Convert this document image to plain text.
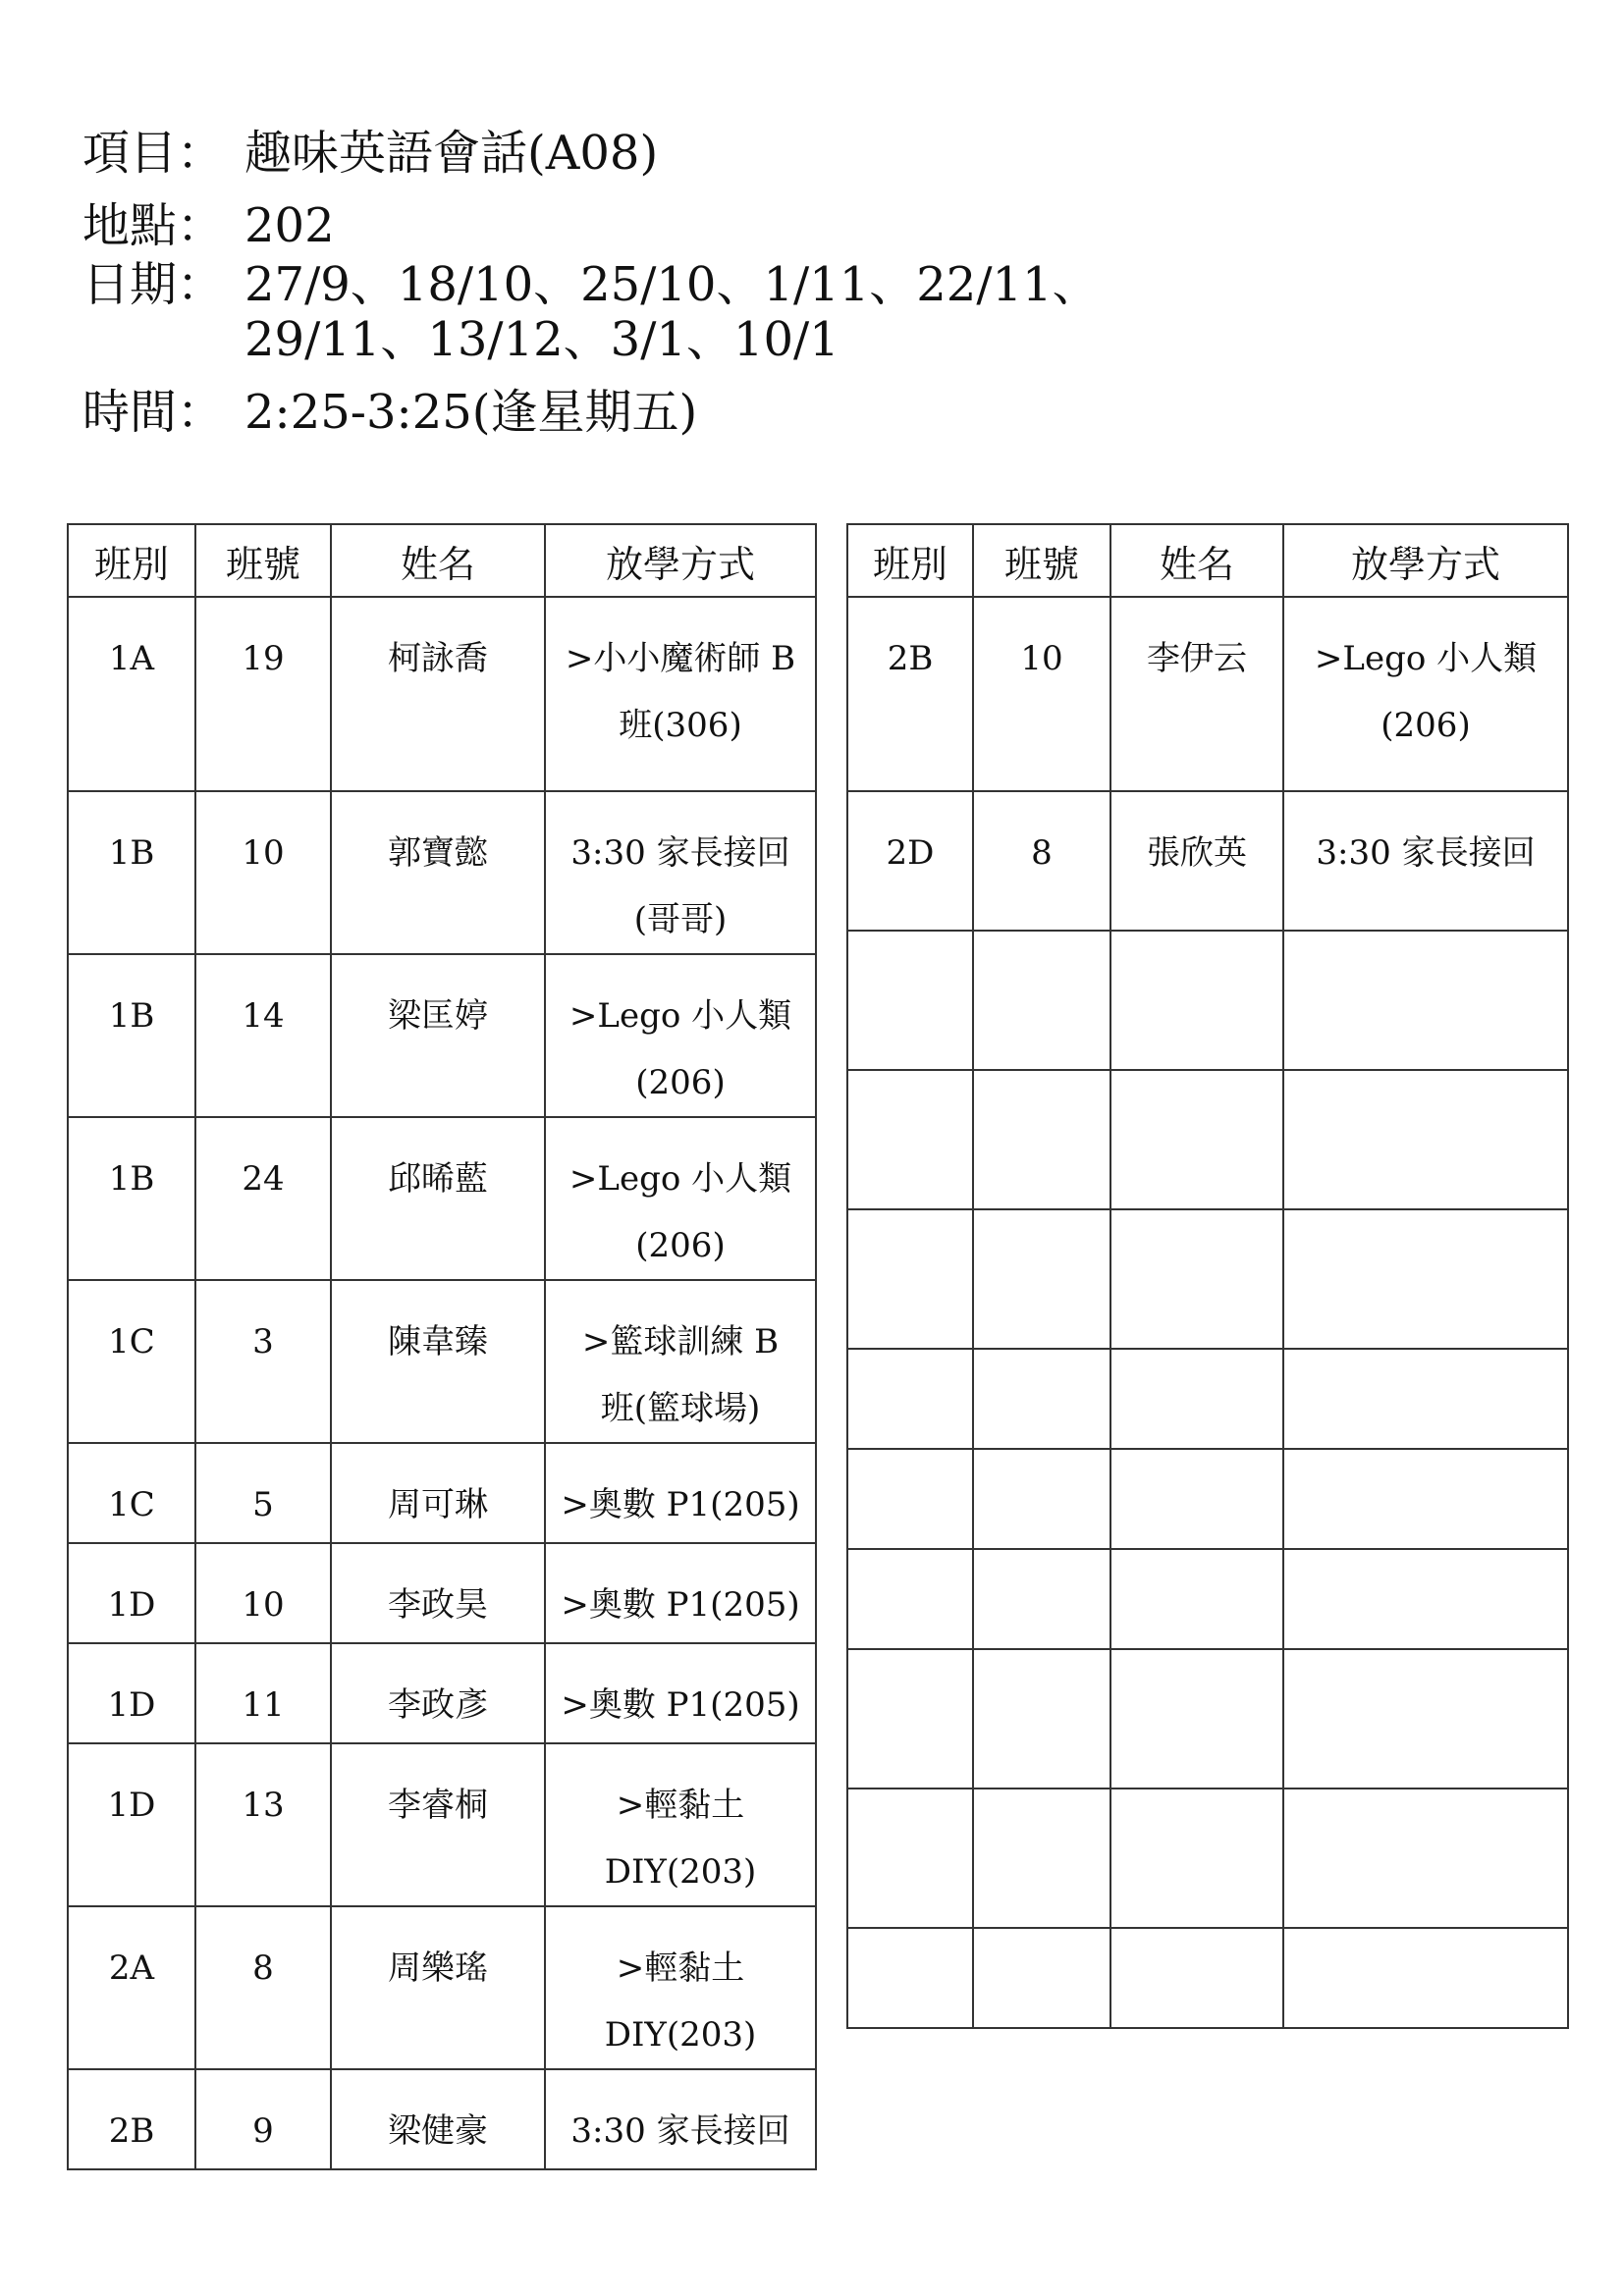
項目： 趣味英語會話(A08)
地點： 202
日期： 27/9、18/10、25/10、1/11、22/11、
29/11、13/12、3/1、10/1
時間： 2:25-3:25(逢星期五)
班別	班號	姓名	放學方式
1A	19	柯詠喬	>小小魔術師 B
班(306)

1B	10	郭寶懿	3:30 家長接回
(哥哥)

1B	14	梁匡婷	>Lego 小人類
(206)

1B	24	邱晞藍	>Lego 小人類
(206)

1C	3	陳韋臻	>籃球訓練 B
班(籃球場)

1C	5	周可琳	>奧數 P1(205)

1D	10	李政昊	>奧數 P1(205)

1D	11	李政彥	>奧數 P1(205)

1D	13	李睿桐	>輕黏土
DIY(203)

2A	8	周樂瑤	>輕黏土
DIY(203)

2B	9	梁健豪	3:30 家長接回
班別	班號	姓名	放學方式
2B	10	李伊云	>Lego 小人類
(206)

2D	8	張欣英	3:30 家長接回
